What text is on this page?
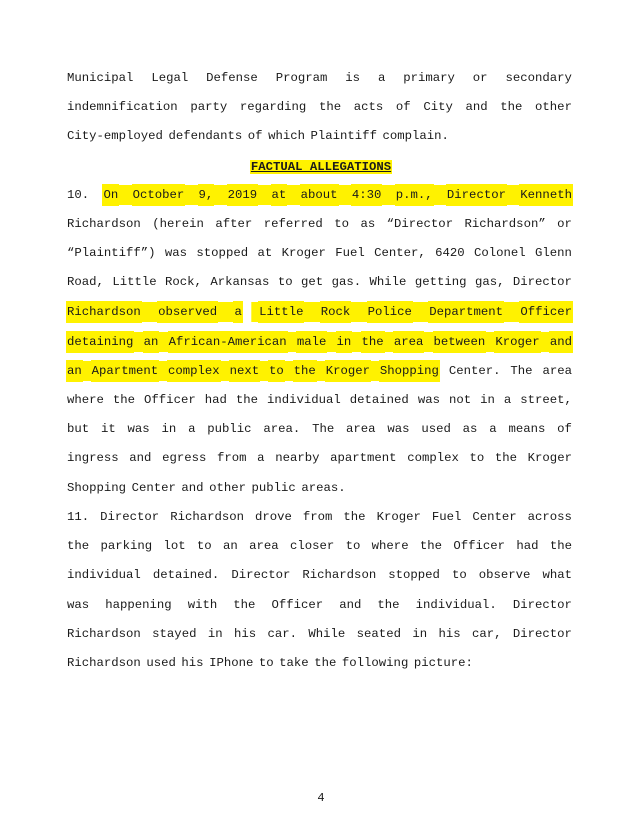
Municipal Legal Defense Program is a primary or secondary
indemnification party regarding the acts of City and the other
City-employed defendants of which Plaintiff complain.
10. On October 9, 2019 at about 4:30 p.m., Director Kenneth
Richardson (herein after referred to as “Director Richardson” or
“Plaintiff”) was stopped at Kroger Fuel Center, 6420 Colonel Glenn
Road, Little Rock, Arkansas to get gas. While getting gas, Director
Richardson observed a Little Rock Police Department Officer
detaining an African-American male in the area between Kroger and
an Apartment complex next to the Kroger Shopping Center. The area
where the Officer had the individual detained was not in a street,
but it was in a public area. The area was used as a means of
ingress and egress from a nearby apartment complex to the Kroger
Shopping Center and other public areas.
11. Director Richardson drove from the Kroger Fuel Center across
the parking lot to an area closer to where the Officer had the
individual detained. Director Richardson stopped to observe what
was happening with the Officer and the individual. Director
Richardson stayed in his car. While seated in his car, Director
Richardson used his IPhone to take the following picture:
FACTUAL ALLEGATIONS
4
